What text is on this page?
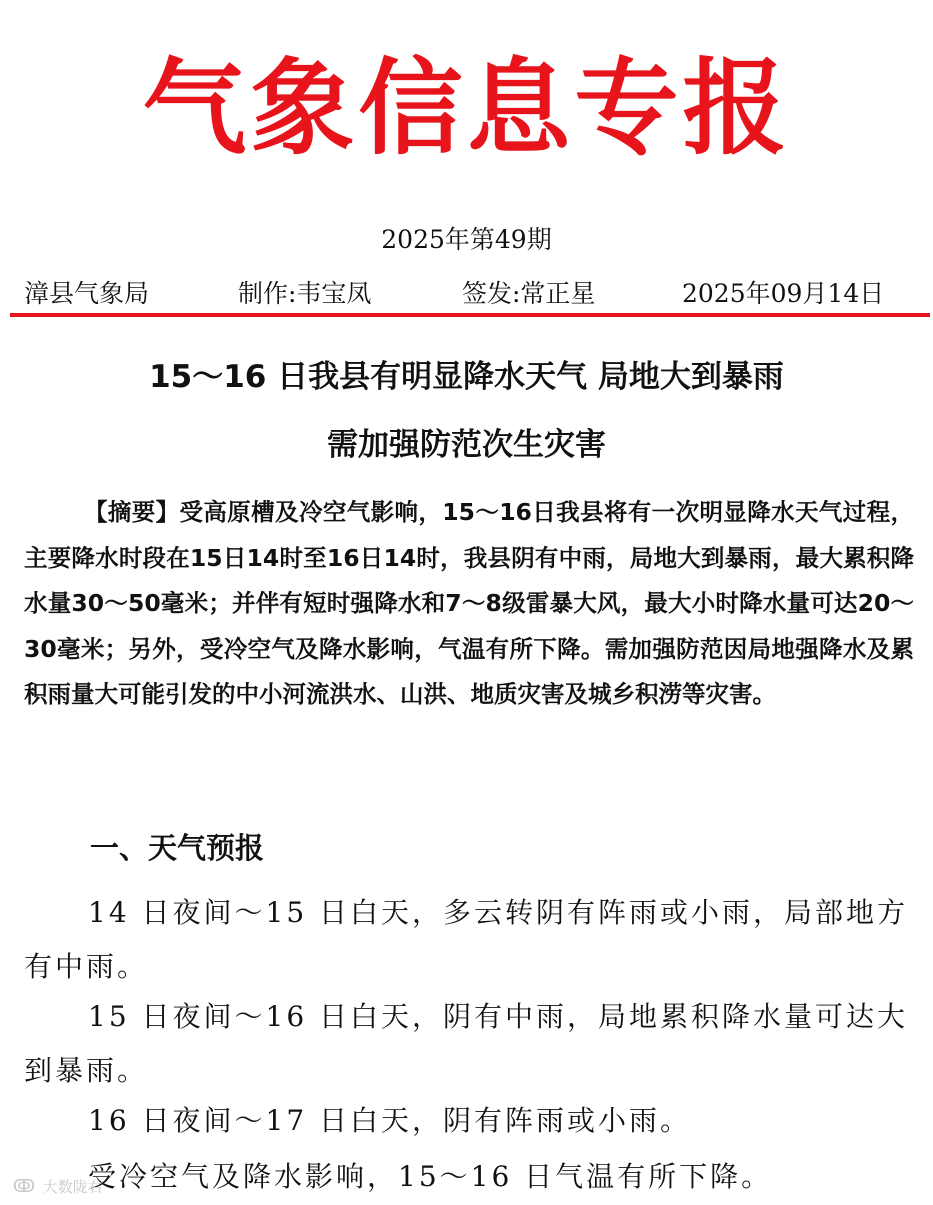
气象信息专报
2025年第49期
漳县气象局	制作:韦宝凤	签发:常正星	2025年09月14日
15～16 日我县有明显降水天气 局地大到暴雨
需加强防范次生灾害

【摘要】受高原槽及冷空气影响，15～16日我县将有一次明显降水天气过程，主要降水时段在15日14时至16日14时，我县阴有中雨，局地大到暴雨，最大累积降水量30～50毫米；并伴有短时强降水和7～8级雷暴大风，最大小时降水量可达20～30毫米；另外，受冷空气及降水影响，气温有所下降。需加强防范因局地强降水及累积雨量大可能引发的中小河流洪水、山洪、地质灾害及城乡积涝等灾害。

一、天气预报

14 日夜间～15 日白天，多云转阴有阵雨或小雨，局部地方有中雨。

15 日夜间～16 日白天，阴有中雨，局地累积降水量可达大到暴雨。

16 日夜间～17 日白天，阴有阵雨或小雨。

受冷空气及降水影响，15～16 日气温有所下降。

ↂ 大数陇右
